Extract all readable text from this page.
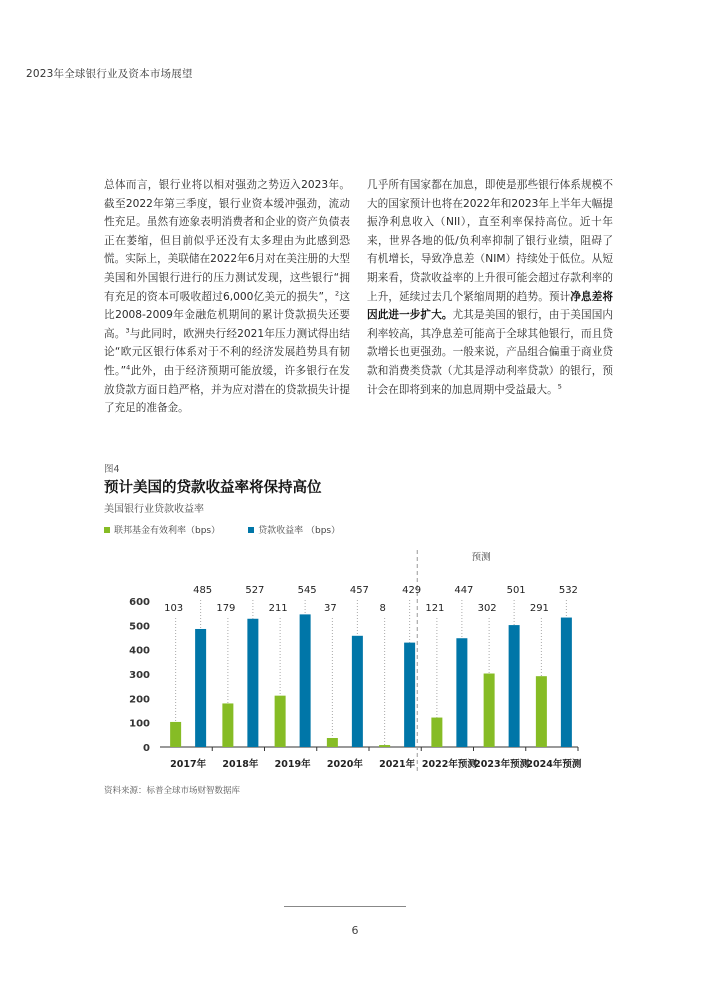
2023年全球银行业及资本市场展望
总体而言，银行业将以相对强劲之势迈入2023年。截至2022年第三季度，银行业资本缓冲强劲，流动性充足。虽然有迹象表明消费者和企业的资产负债表正在萎缩，但目前似乎还没有太多理由为此感到恐慌。实际上，美联储在2022年6月对在美注册的大型美国和外国银行进行的压力测试发现，这些银行“拥有充足的资本可吸收超过6,000亿美元的损失”，$^2$这比2008-2009年金融危机期间的累计贷款损失还要高。$^3$与此同时，欧洲央行经2021年压力测试得出结论“欧元区银行体系对于不利的经济发展趋势具有韧性。”$^4$此外，由于经济预期可能放缓，许多银行在发放贷款方面日趋严格，并为应对潜在的贷款损失计提了充足的准备金。
几乎所有国家都在加息，即使是那些银行体系规模不大的国家预计也将在2022年和2023年上半年大幅提振净利息收入（NII），直至利率保持高位。近十年来，世界各地的低/负利率抑制了银行业绩，阻碍了有机增长，导致净息差（NIM）持续处于低位。从短期来看，贷款收益率的上升很可能会超过存款利率的上升，延续过去几个紧缩周期的趋势。预计净息差将因此进一步扩大。尤其是美国的银行，由于美国国内利率较高，其净息差可能高于全球其他银行，而且贷款增长也更强劲。一般来说，产品组合偏重于商业贷款和消费类贷款（尤其是浮动利率贷款）的银行，预计会在即将到来的加息周期中受益最大。$^5$
图4
预计美国的贷款收益率将保持高位
美国银行业贷款收益率
联邦基金有效利率（bps）	贷款收益率 （bps）
0
100
200
300
400
500
600
预测
103
485
2017年
179
527
2018年
211
545
2019年
37
457
2020年
8
429
2021年
121
447
2022年预测
302
501
2023年预测
291
532
2024年预测
资料来源：标普全球市场财智数据库
6
